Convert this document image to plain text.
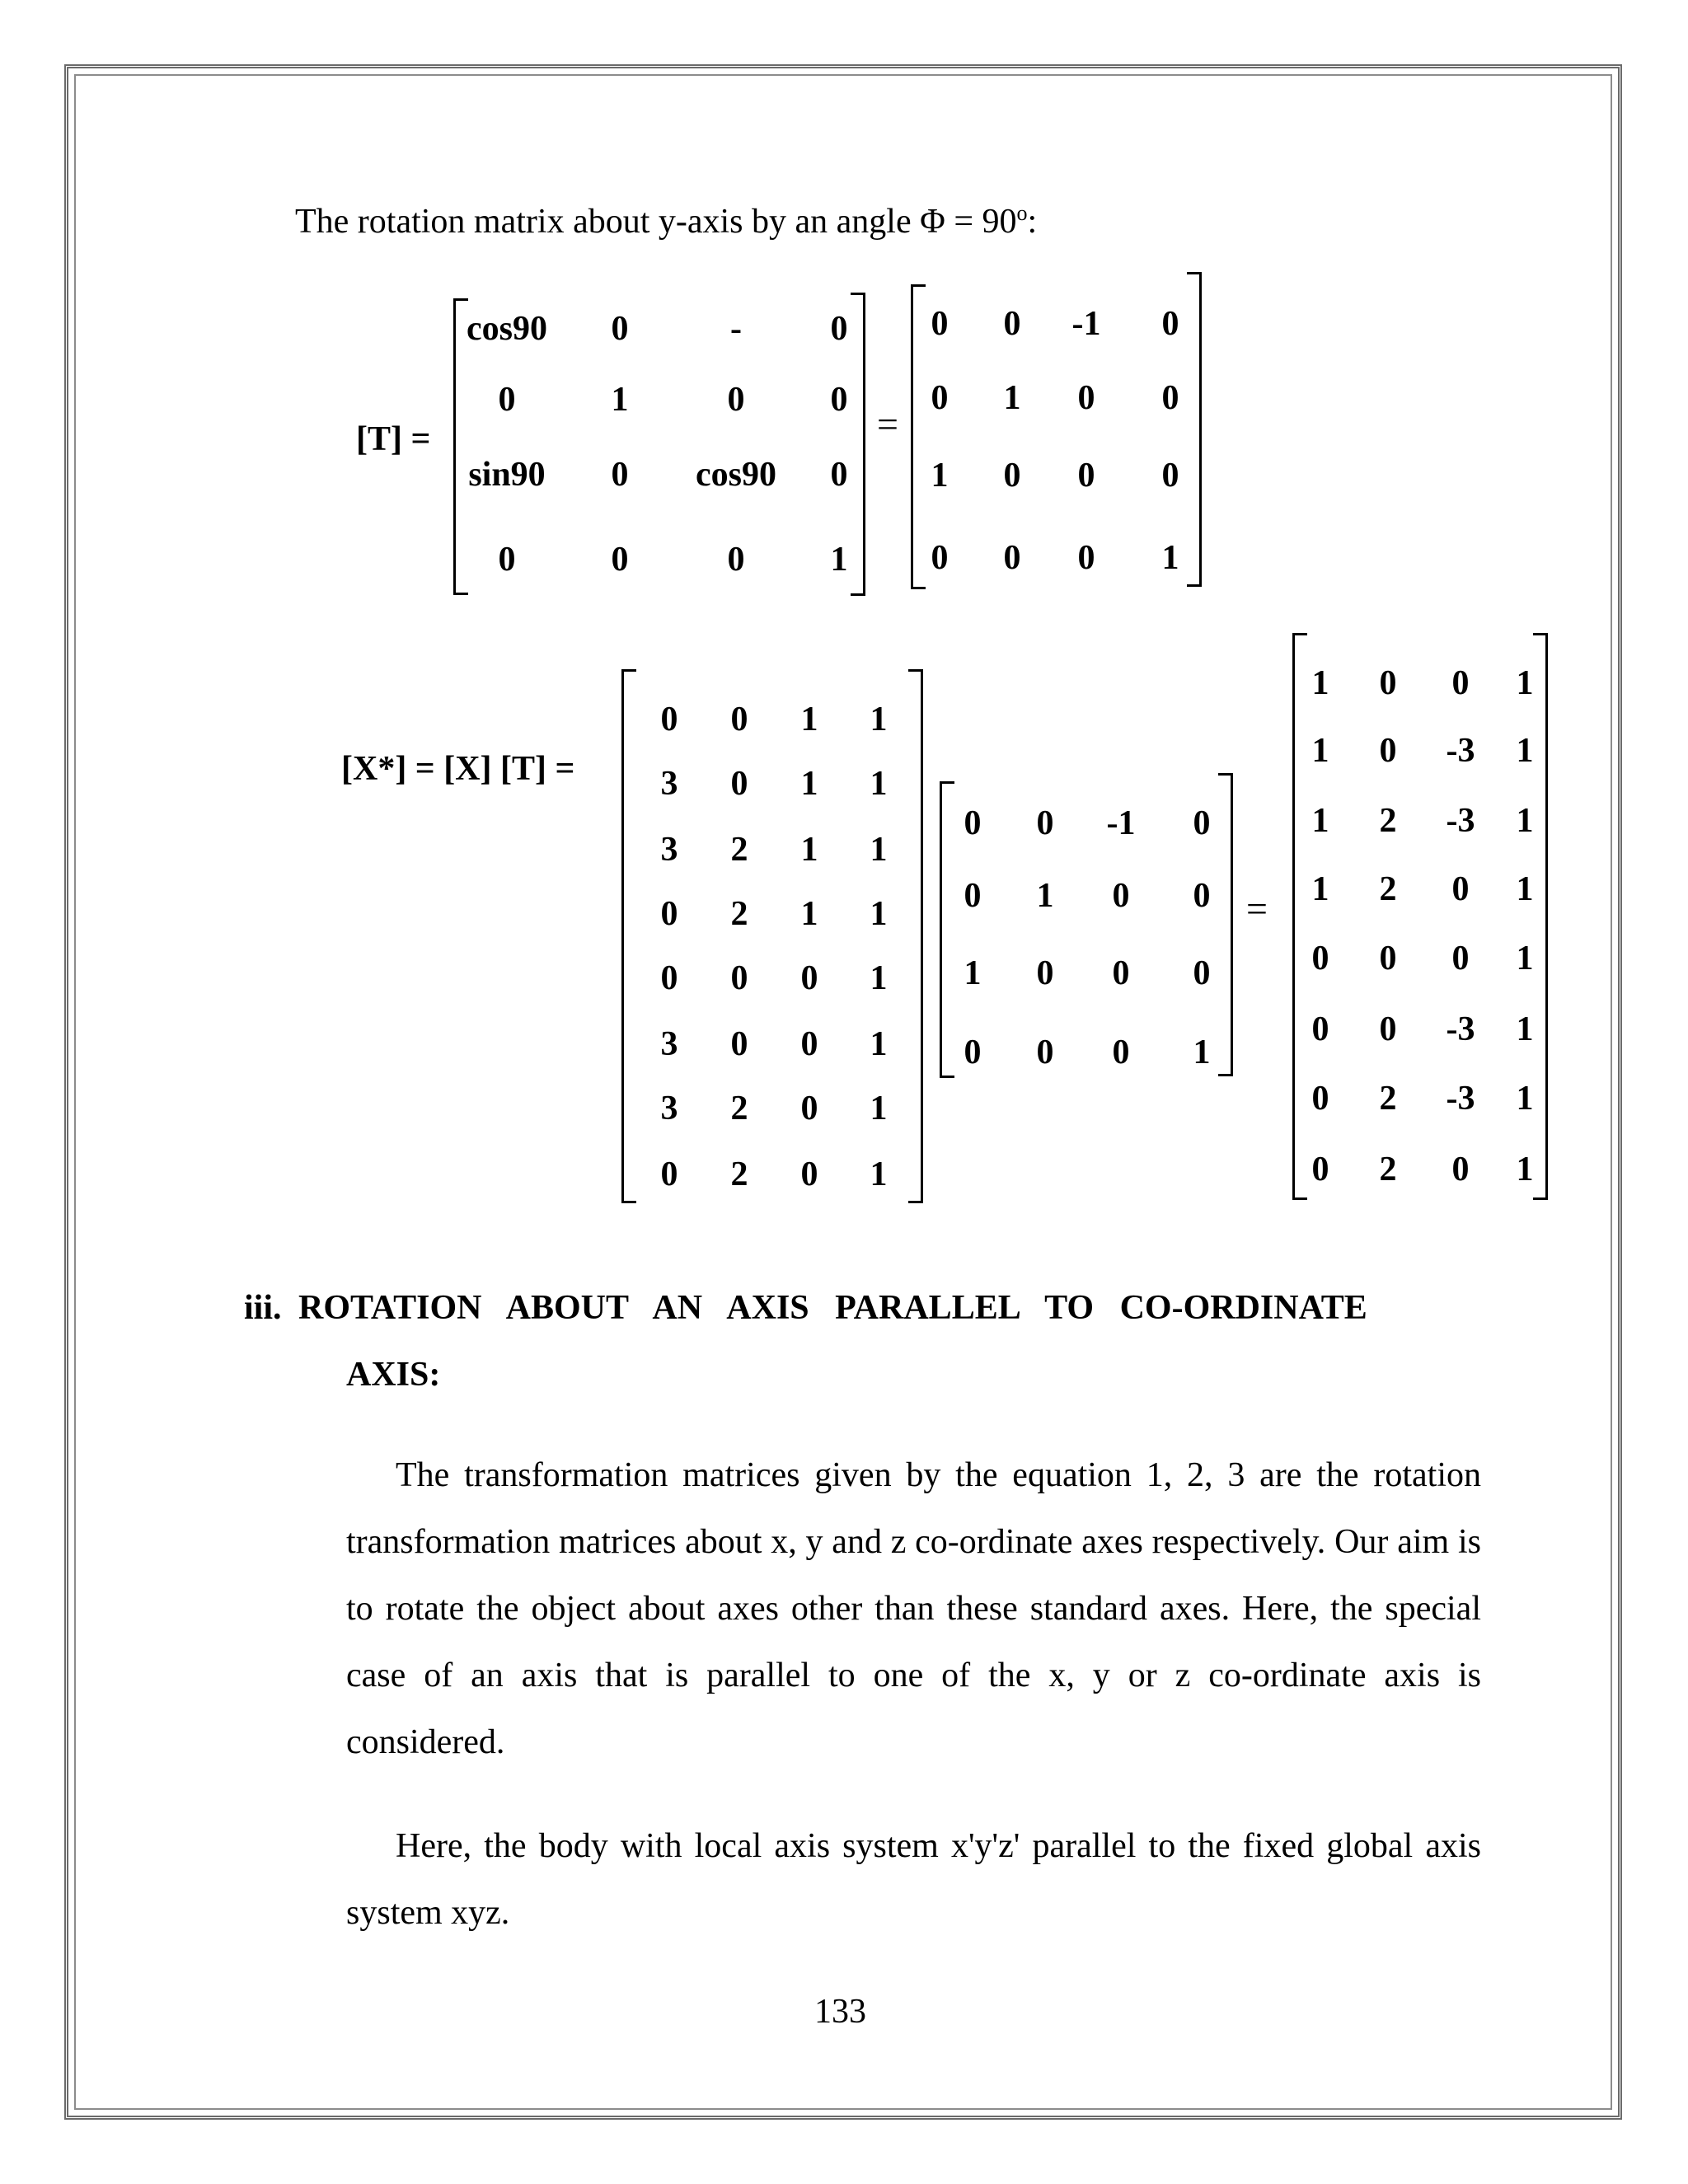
The rotation matrix about y-axis by an angle $\Phi = 90^o$:
[T] =
cos90	0	-	0
0	1	0	0
sin90	0	cos90	0
0	0	0	1
=
0	0	-1	0
0	1	0	0
1	0	0	0
0	0	0	1
[X*] = [X] [T] =
0	0	1	1
3	0	1	1
3	2	1	1
0	2	1	1
0	0	0	1
3	0	0	1
3	2	0	1
0	2	0	1
0	0	-1	0
0	1	0	0
1	0	0	0
0	0	0	1
=
1	0	0	1
1	0	-3	1
1	2	-3	1
1	2	0	1
0	0	0	1
0	0	-3	1
0	2	-3	1
0	2	0	1
iii. ROTATION   ABOUT   AN   AXIS   PARALLEL   TO   CO-ORDINATE
AXIS:
The transformation matrices given by the equation 1, 2, 3 are the rotation transformation matrices about x, y and z co-ordinate axes respectively. Our aim is to rotate the object about axes other than these standard axes. Here, the special case of an axis that is parallel to one of the x, y or z co-ordinate axis is considered.
Here, the body with local axis system x'y'z' parallel to the fixed global axis system xyz.
133
